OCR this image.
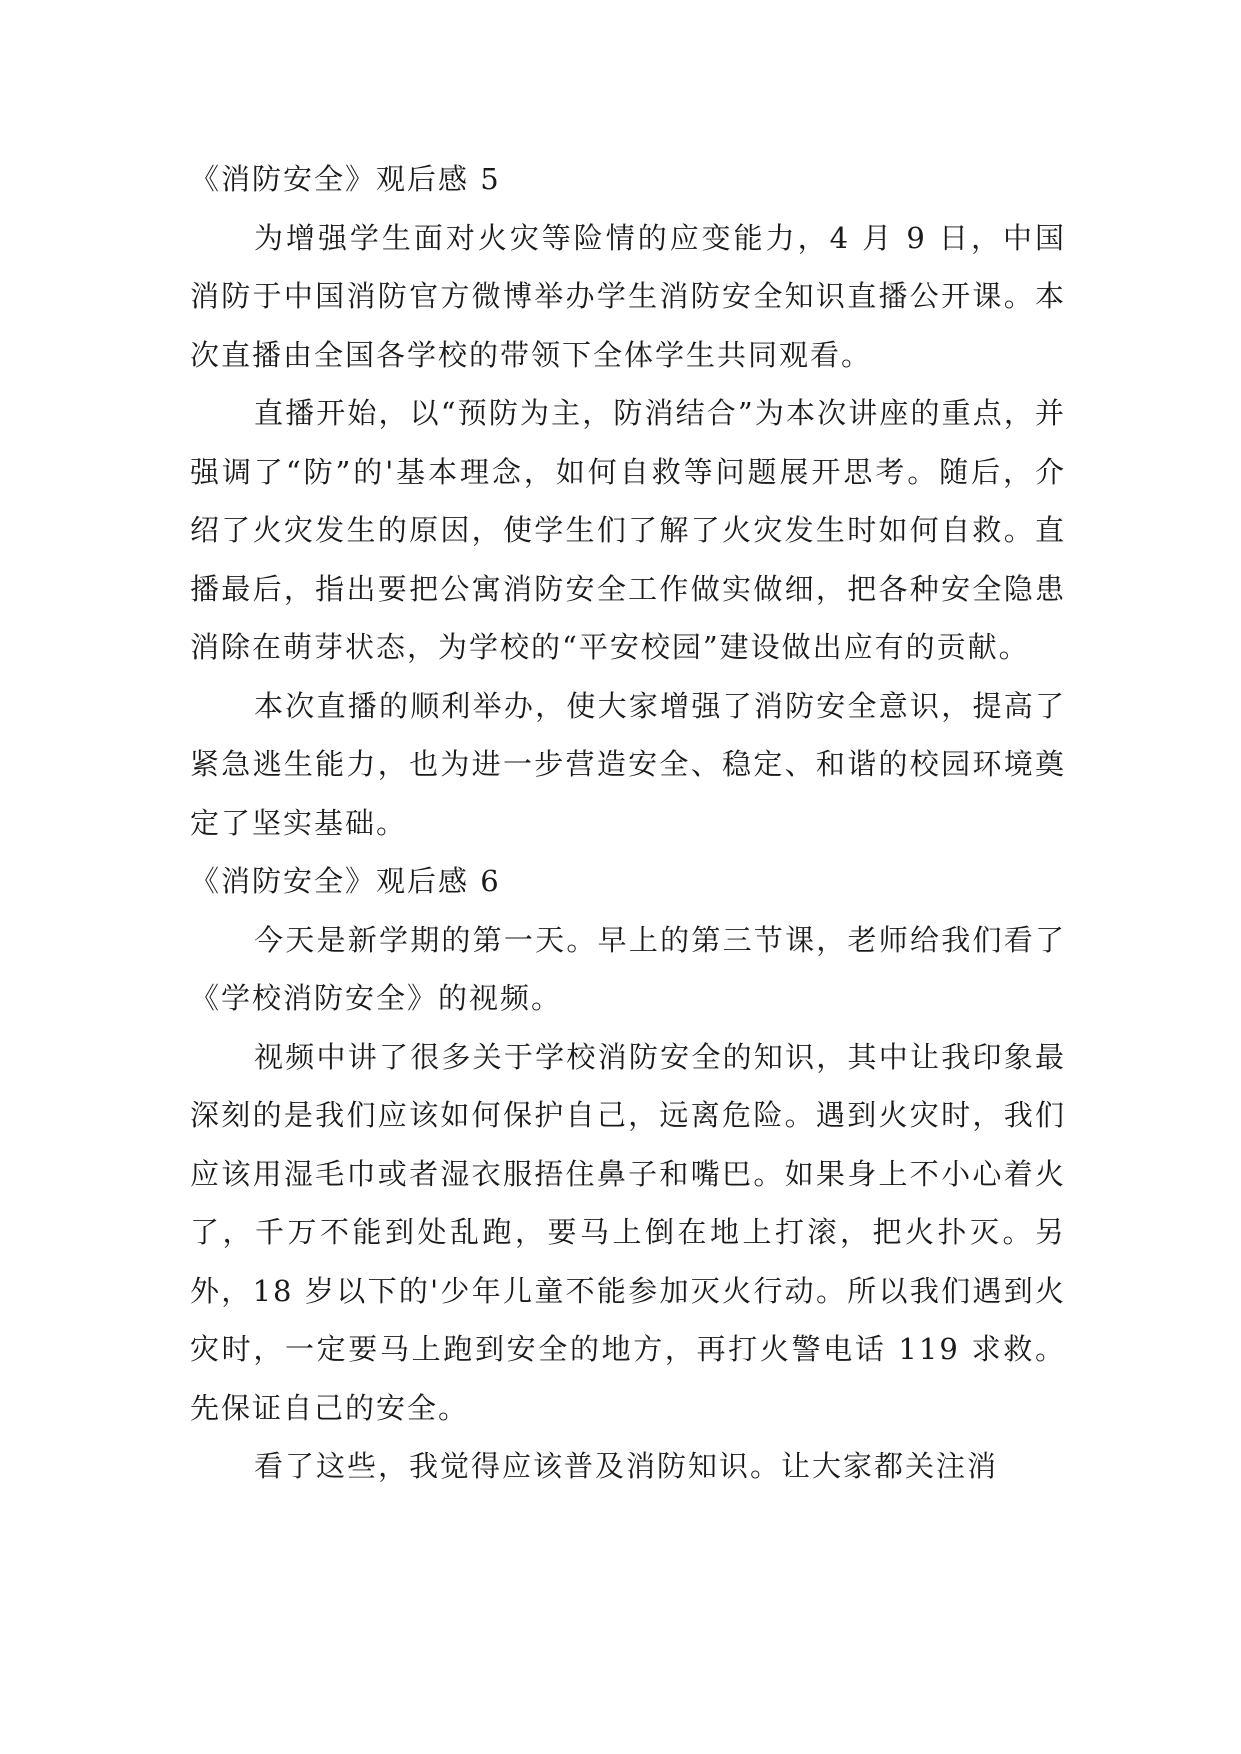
《消防安全》观后感 5

为增强学生面对火灾等险情的应变能力，4 月 9 日，中国消防于中国消防官方微博举办学生消防安全知识直播公开课。本次直播由全国各学校的带领下全体学生共同观看。

直播开始，以“预防为主，防消结合”为本次讲座的重点，并强调了“防”的'基本理念，如何自救等问题展开思考。随后，介绍了火灾发生的原因，使学生们了解了火灾发生时如何自救。直播最后，指出要把公寓消防安全工作做实做细，把各种安全隐患消除在萌芽状态，为学校的“平安校园”建设做出应有的贡献。

本次直播的顺利举办，使大家增强了消防安全意识，提高了紧急逃生能力，也为进一步营造安全、稳定、和谐的校园环境奠定了坚实基础。

《消防安全》观后感 6

今天是新学期的第一天。早上的第三节课，老师给我们看了《学校消防安全》的视频。

视频中讲了很多关于学校消防安全的知识，其中让我印象最深刻的是我们应该如何保护自己，远离危险。遇到火灾时，我们应该用湿毛巾或者湿衣服捂住鼻子和嘴巴。如果身上不小心着火了，千万不能到处乱跑，要马上倒在地上打滚，把火扑灭。另外，18 岁以下的'少年儿童不能参加灭火行动。所以我们遇到火灾时，一定要马上跑到安全的地方，再打火警电话 119 求救。先保证自己的安全。

看了这些，我觉得应该普及消防知识。让大家都关注消
